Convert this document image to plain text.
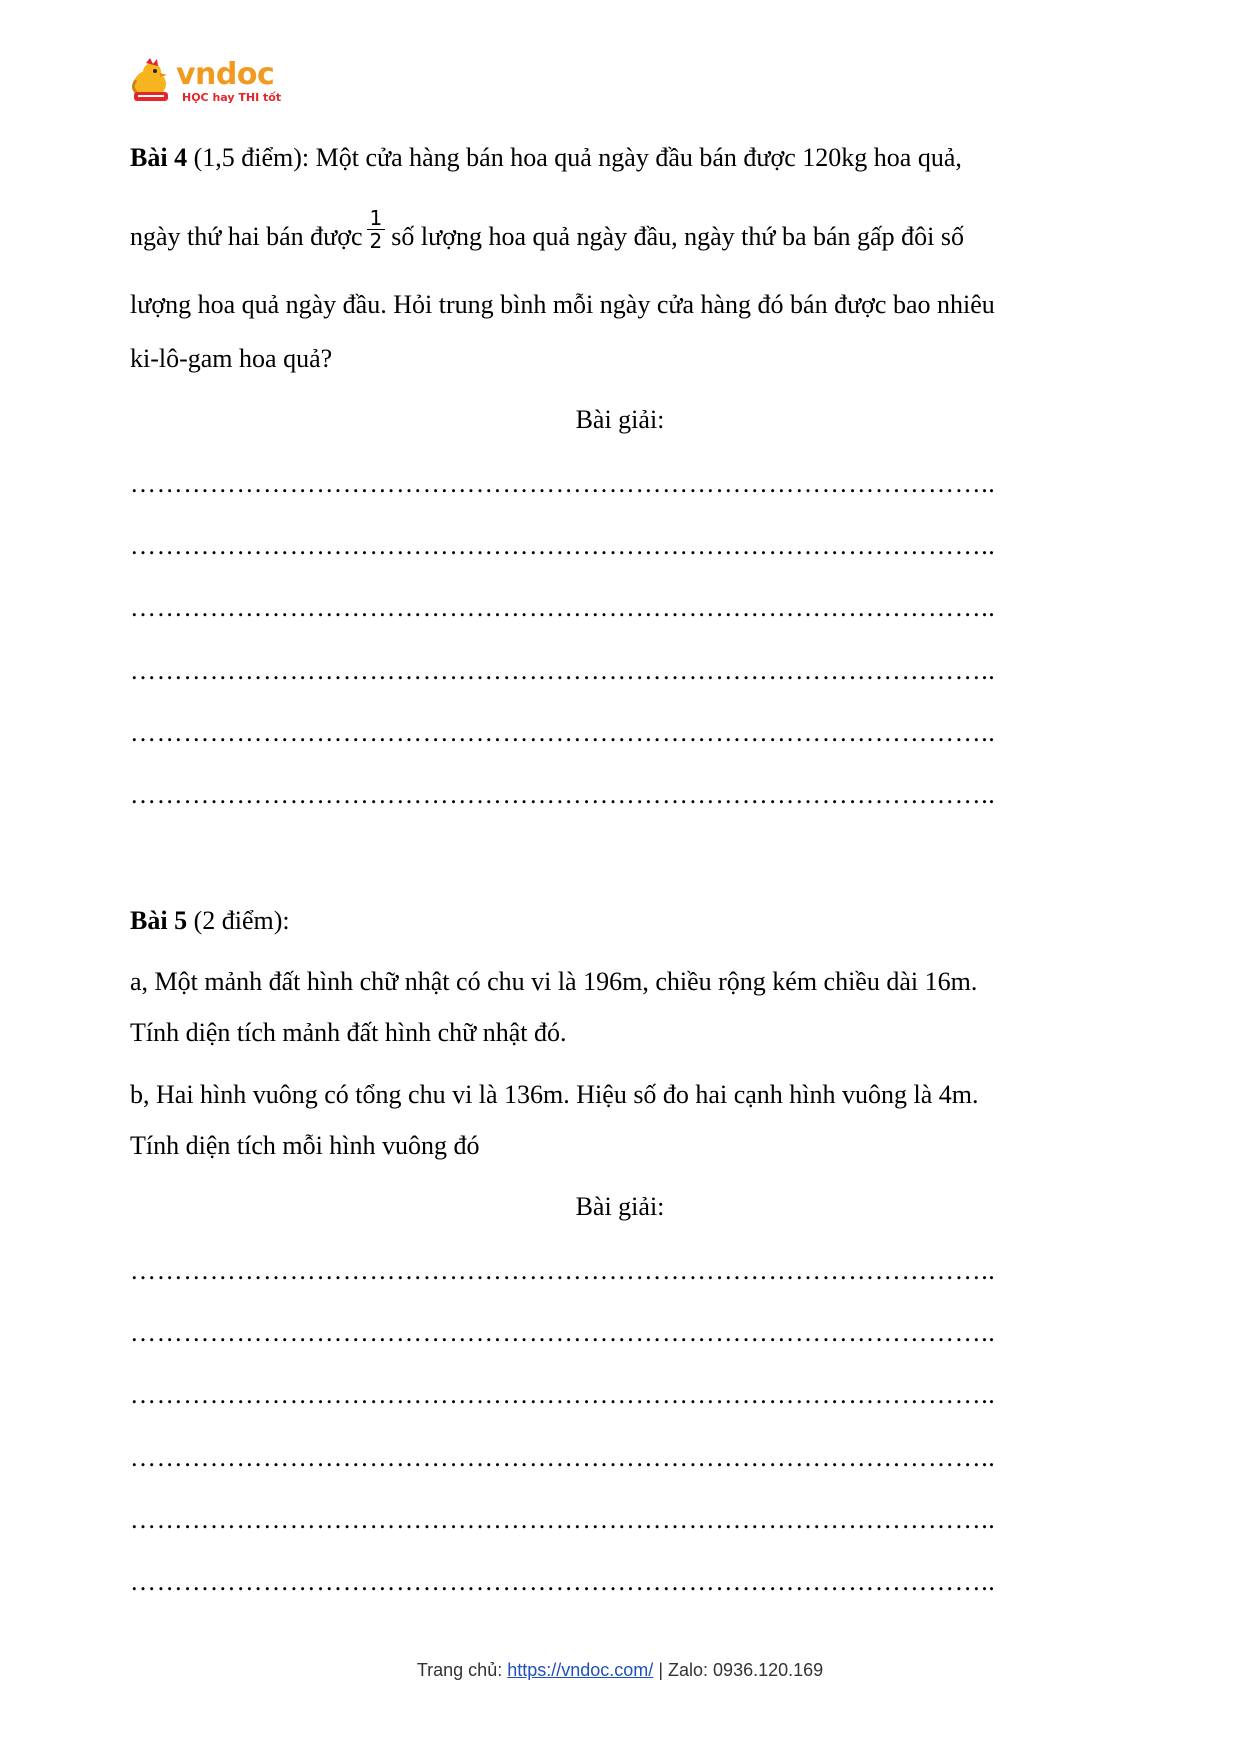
vndoc
HỌC hay THI tốt
Bài 4 (1,5 điểm): Một cửa hàng bán hoa quả ngày đầu bán được 120kg hoa quả,
ngày thứ hai bán được $\frac{1}{2}$ số lượng hoa quả ngày đầu, ngày thứ ba bán gấp đôi số
lượng hoa quả ngày đầu. Hỏi trung bình mỗi ngày cửa hàng đó bán được bao nhiêu
ki-lô-gam hoa quả?
Bài giải:
……………………………………………………………………………………..
……………………………………………………………………………………..
……………………………………………………………………………………..
……………………………………………………………………………………..
……………………………………………………………………………………..
……………………………………………………………………………………..
Bài 5 (2 điểm):
a, Một mảnh đất hình chữ nhật có chu vi là 196m, chiều rộng kém chiều dài 16m.
Tính diện tích mảnh đất hình chữ nhật đó.
b, Hai hình vuông có tổng chu vi là 136m. Hiệu số đo hai cạnh hình vuông là 4m.
Tính diện tích mỗi hình vuông đó
Bài giải:
……………………………………………………………………………………..
……………………………………………………………………………………..
……………………………………………………………………………………..
……………………………………………………………………………………..
……………………………………………………………………………………..
……………………………………………………………………………………..
Trang chủ: https://vndoc.com/ | Zalo: 0936.120.169
